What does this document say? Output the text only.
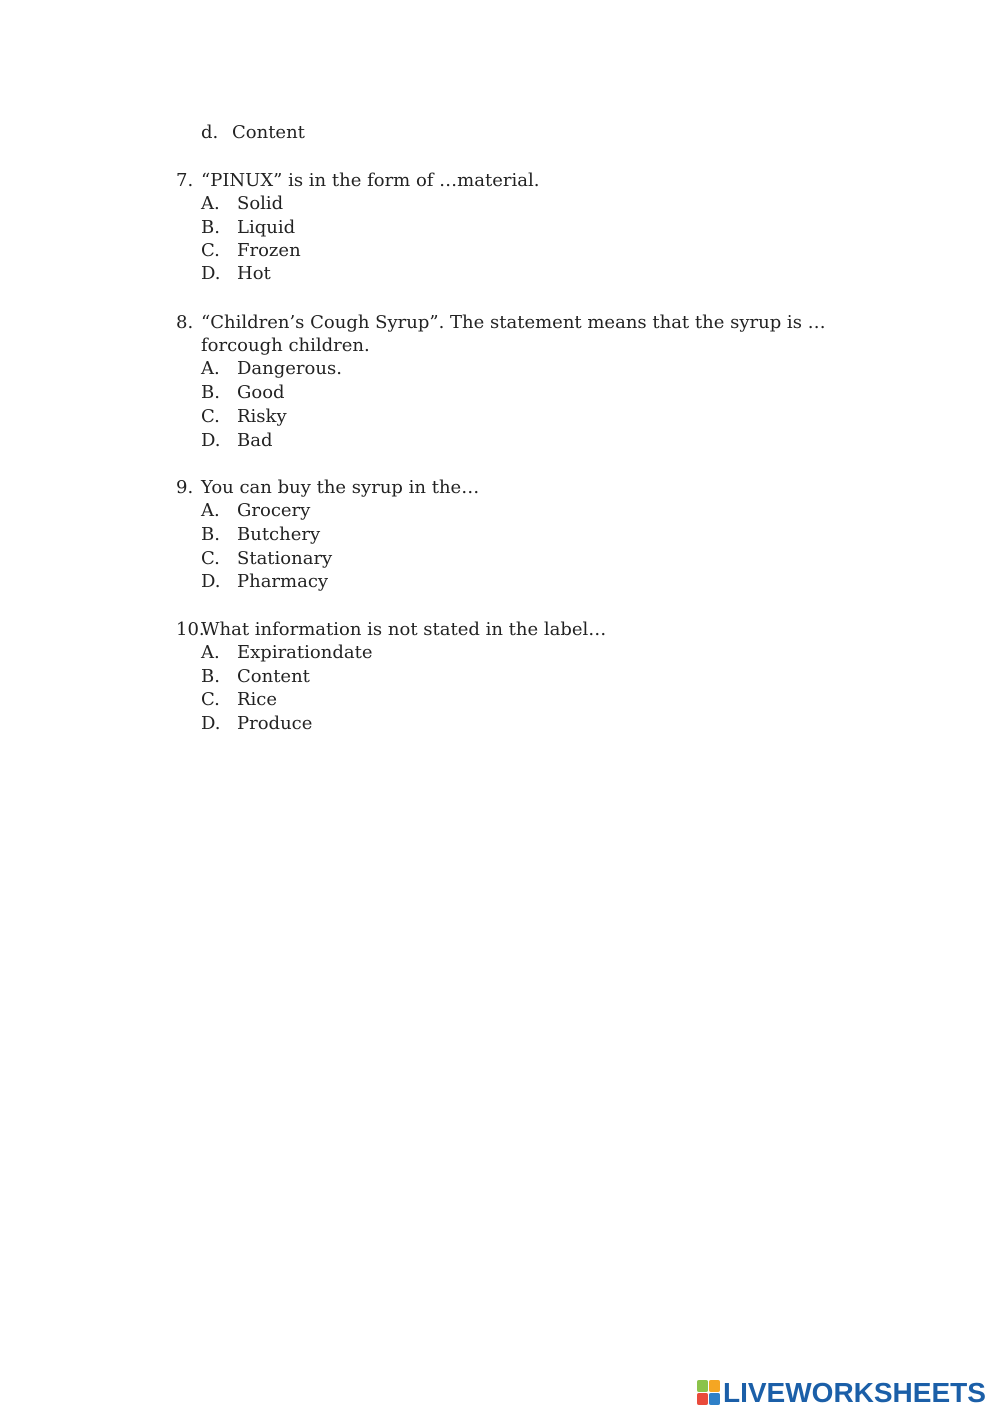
d. Content
7. “PINUX” is in the form of …material.
A. Solid
B. Liquid
C. Frozen
D. Hot
8. “Children’s Cough Syrup”. The statement means that the syrup is … forcough children.
A. Dangerous.
B. Good
C. Risky
D. Bad
9. You can buy the syrup in the…
A. Grocery
B. Butchery
C. Stationary
D. Pharmacy
10.
What information is not stated in the label…
A. Expirationdate
B. Content
C. Rice
D. Produce
LIVEWORKSHEETS
